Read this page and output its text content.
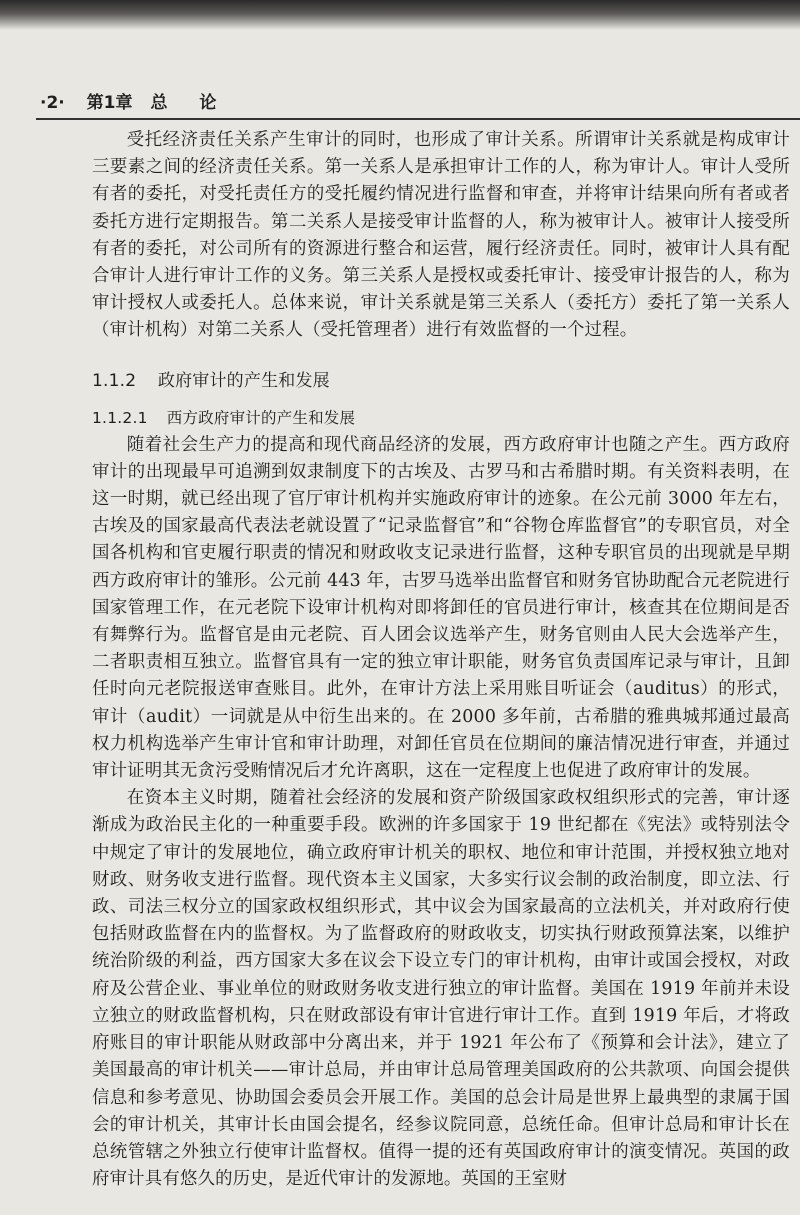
·2· 第1章 总 论

受托经济责任关系产生审计的同时，也形成了审计关系。所谓审计关系就是构成审计三要素之间的经济责任关系。第一关系人是承担审计工作的人，称为审计人。审计人受所有者的委托，对受托责任方的受托履约情况进行监督和审查，并将审计结果向所有者或者委托方进行定期报告。第二关系人是接受审计监督的人，称为被审计人。被审计人接受所有者的委托，对公司所有的资源进行整合和运营，履行经济责任。同时，被审计人具有配合审计人进行审计工作的义务。第三关系人是授权或委托审计、接受审计报告的人，称为审计授权人或委托人。总体来说，审计关系就是第三关系人（委托方）委托了第一关系人（审计机构）对第二关系人（受托管理者）进行有效监督的一个过程。

1.1.2 政府审计的产生和发展
1.1.2.1 西方政府审计的产生和发展

随着社会生产力的提高和现代商品经济的发展，西方政府审计也随之产生。西方政府审计的出现最早可追溯到奴隶制度下的古埃及、古罗马和古希腊时期。有关资料表明，在这一时期，就已经出现了官厅审计机构并实施政府审计的迹象。在公元前 3000 年左右，古埃及的国家最高代表法老就设置了“记录监督官”和“谷物仓库监督官”的专职官员，对全国各机构和官吏履行职责的情况和财政收支记录进行监督，这种专职官员的出现就是早期西方政府审计的雏形。公元前 443 年，古罗马选举出监督官和财务官协助配合元老院进行国家管理工作，在元老院下设审计机构对即将卸任的官员进行审计，核查其在位期间是否有舞弊行为。监督官是由元老院、百人团会议选举产生，财务官则由人民大会选举产生，二者职责相互独立。监督官具有一定的独立审计职能，财务官负责国库记录与审计，且卸任时向元老院报送审查账目。此外，在审计方法上采用账目听证会（auditus）的形式，审计（audit）一词就是从中衍生出来的。在 2000 多年前，古希腊的雅典城邦通过最高权力机构选举产生审计官和审计助理，对卸任官员在位期间的廉洁情况进行审查，并通过审计证明其无贪污受贿情况后才允许离职，这在一定程度上也促进了政府审计的发展。

在资本主义时期，随着社会经济的发展和资产阶级国家政权组织形式的完善，审计逐渐成为政治民主化的一种重要手段。欧洲的许多国家于 19 世纪都在《宪法》或特别法令中规定了审计的发展地位，确立政府审计机关的职权、地位和审计范围，并授权独立地对财政、财务收支进行监督。现代资本主义国家，大多实行议会制的政治制度，即立法、行政、司法三权分立的国家政权组织形式，其中议会为国家最高的立法机关，并对政府行使包括财政监督在内的监督权。为了监督政府的财政收支，切实执行财政预算法案，以维护统治阶级的利益，西方国家大多在议会下设立专门的审计机构，由审计或国会授权，对政府及公营企业、事业单位的财政财务收支进行独立的审计监督。美国在 1919 年前并未设立独立的财政监督机构，只在财政部设有审计官进行审计工作。直到 1919 年后，才将政府账目的审计职能从财政部中分离出来，并于 1921 年公布了《预算和会计法》，建立了美国最高的审计机关——审计总局，并由审计总局管理美国政府的公共款项、向国会提供信息和参考意见、协助国会委员会开展工作。美国的总会计局是世界上最典型的隶属于国会的审计机关，其审计长由国会提名，经参议院同意，总统任命。但审计总局和审计长在总统管辖之外独立行使审计监督权。值得一提的还有英国政府审计的演变情况。英国的政府审计具有悠久的历史，是近代审计的发源地。英国的王室财
